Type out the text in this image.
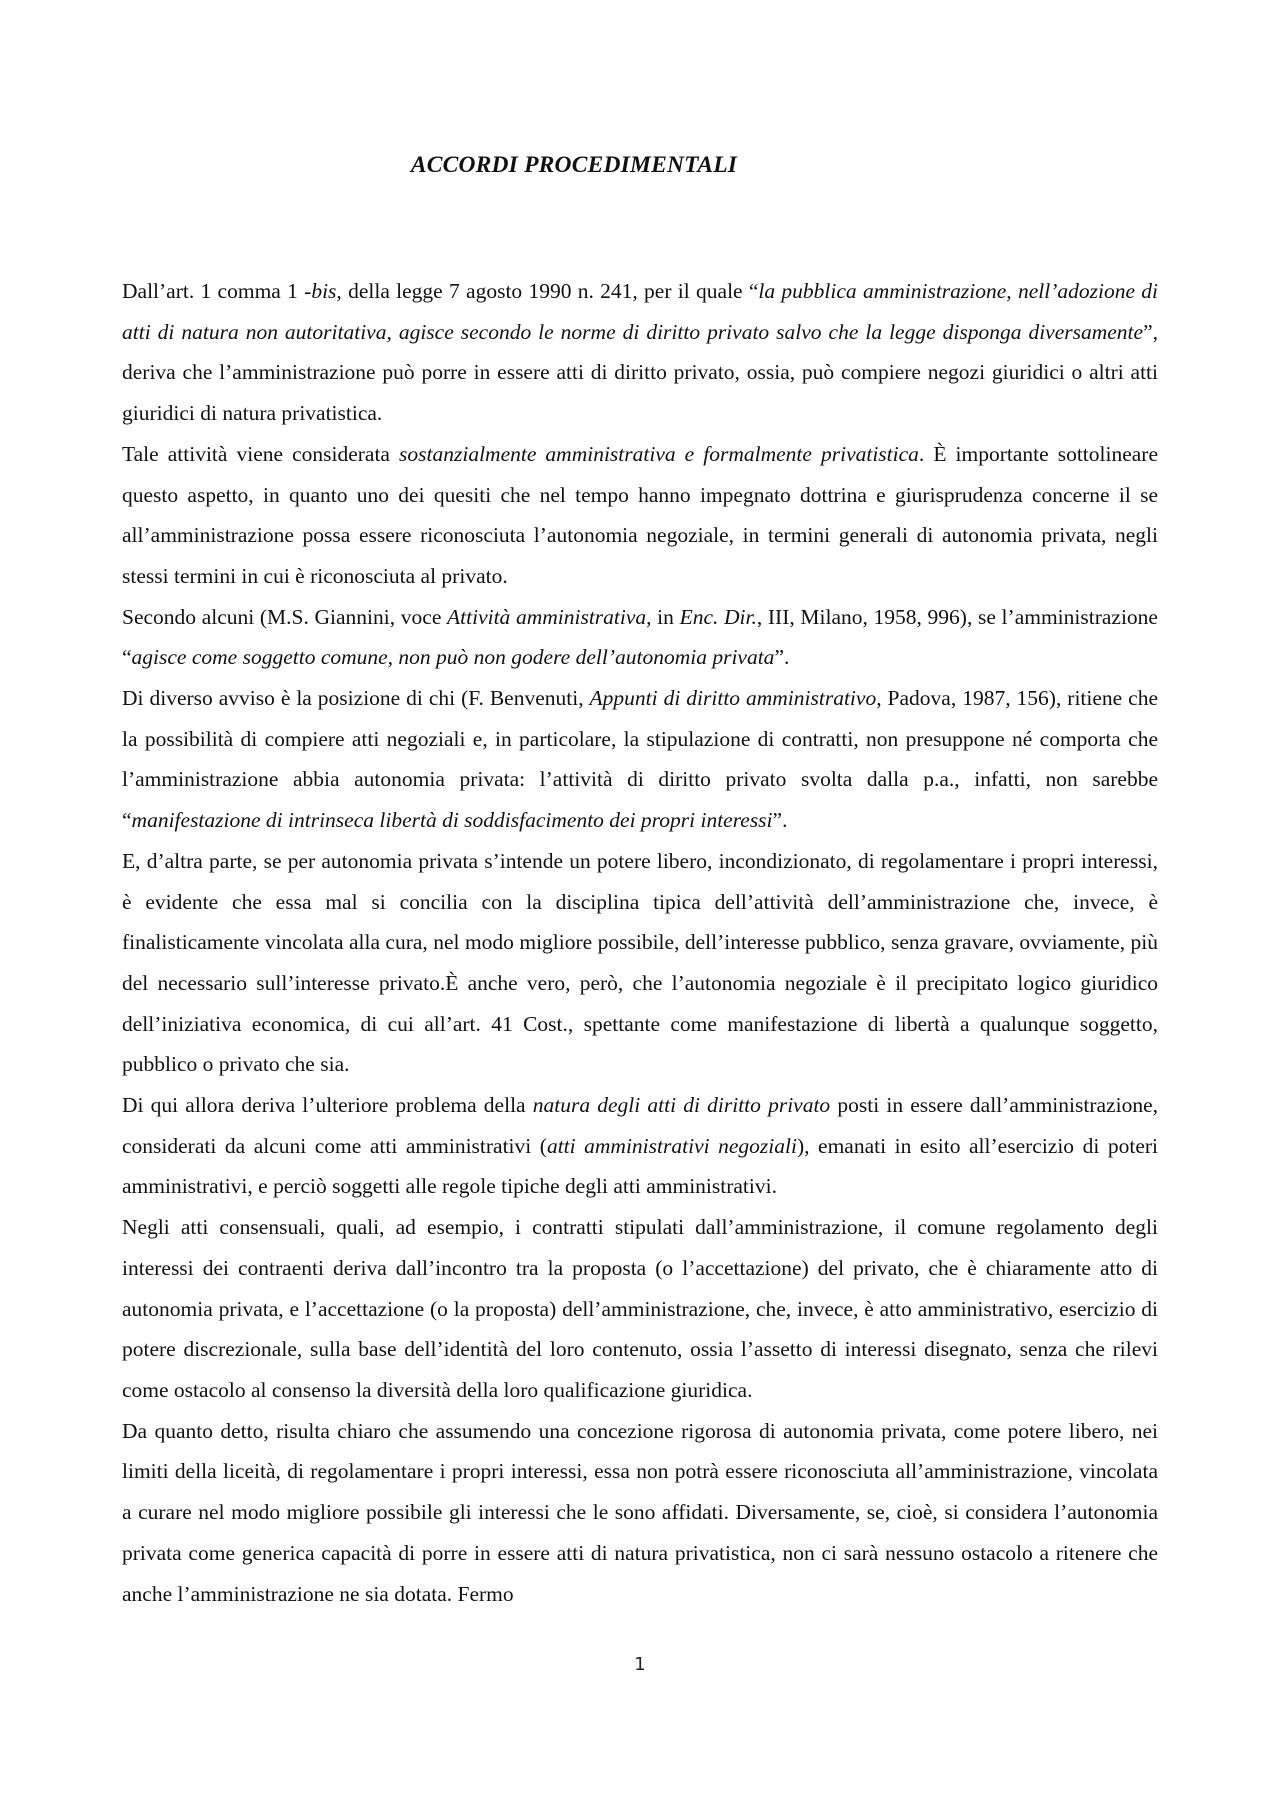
ACCORDI PROCEDIMENTALI

Dall’art. 1 comma 1 -bis, della legge 7 agosto 1990 n. 241, per il quale “la pubblica amministrazione, nell’adozione di atti di natura non autoritativa, agisce secondo le norme di diritto privato salvo che la legge disponga diversamente”, deriva che l’amministrazione può porre in essere atti di diritto privato, ossia, può compiere negozi giuridici o altri atti giuridici di natura privatistica.

Tale attività viene considerata sostanzialmente amministrativa e formalmente privatistica. È importante sottolineare questo aspetto, in quanto uno dei quesiti che nel tempo hanno impegnato dottrina e giurisprudenza concerne il se all’amministrazione possa essere riconosciuta l’autonomia negoziale, in termini generali di autonomia privata, negli stessi termini in cui è riconosciuta al privato.

Secondo alcuni (M.S. Giannini, voce Attività amministrativa, in Enc. Dir., III, Milano, 1958, 996), se l’amministrazione “agisce come soggetto comune, non può non godere dell’autonomia privata”.

Di diverso avviso è la posizione di chi (F. Benvenuti, Appunti di diritto amministrativo, Padova, 1987, 156), ritiene che la possibilità di compiere atti negoziali e, in particolare, la stipulazione di contratti, non presuppone né comporta che l’amministrazione abbia autonomia privata: l’attività di diritto privato svolta dalla p.a., infatti, non sarebbe “manifestazione di intrinseca libertà di soddisfacimento dei propri interessi”.

E, d’altra parte, se per autonomia privata s’intende un potere libero, incondizionato, di regolamentare i propri interessi, è evidente che essa mal si concilia con la disciplina tipica dell’attività dell’amministrazione che, invece, è finalisticamente vincolata alla cura, nel modo migliore possibile, dell’interesse pubblico, senza gravare, ovviamente, più del necessario sull’interesse privato.È anche vero, però, che l’autonomia negoziale è il precipitato logico giuridico dell’iniziativa economica, di cui all’art. 41 Cost., spettante come manifestazione di libertà a qualunque soggetto, pubblico o privato che sia.

Di qui allora deriva l’ulteriore problema della natura degli atti di diritto privato posti in essere dall’amministrazione, considerati da alcuni come atti amministrativi (atti amministrativi negoziali), emanati in esito all’esercizio di poteri amministrativi, e perciò soggetti alle regole tipiche degli atti amministrativi.

Negli atti consensuali, quali, ad esempio, i contratti stipulati dall’amministrazione, il comune regolamento degli interessi dei contraenti deriva dall’incontro tra la proposta (o l’accettazione) del privato, che è chiaramente atto di autonomia privata, e l’accettazione (o la proposta) dell’amministrazione, che, invece, è atto amministrativo, esercizio di potere discrezionale, sulla base dell’identità del loro contenuto, ossia l’assetto di interessi disegnato, senza che rilevi come ostacolo al consenso la diversità della loro qualificazione giuridica.

Da quanto detto, risulta chiaro che assumendo una concezione rigorosa di autonomia privata, come potere libero, nei limiti della liceità, di regolamentare i propri interessi, essa non potrà essere riconosciuta all’amministrazione, vincolata a curare nel modo migliore possibile gli interessi che le sono affidati. Diversamente, se, cioè, si considera l’autonomia privata come generica capacità di porre in essere atti di natura privatistica, non ci sarà nessuno ostacolo a ritenere che anche l’amministrazione ne sia dotata. Fermo

1
